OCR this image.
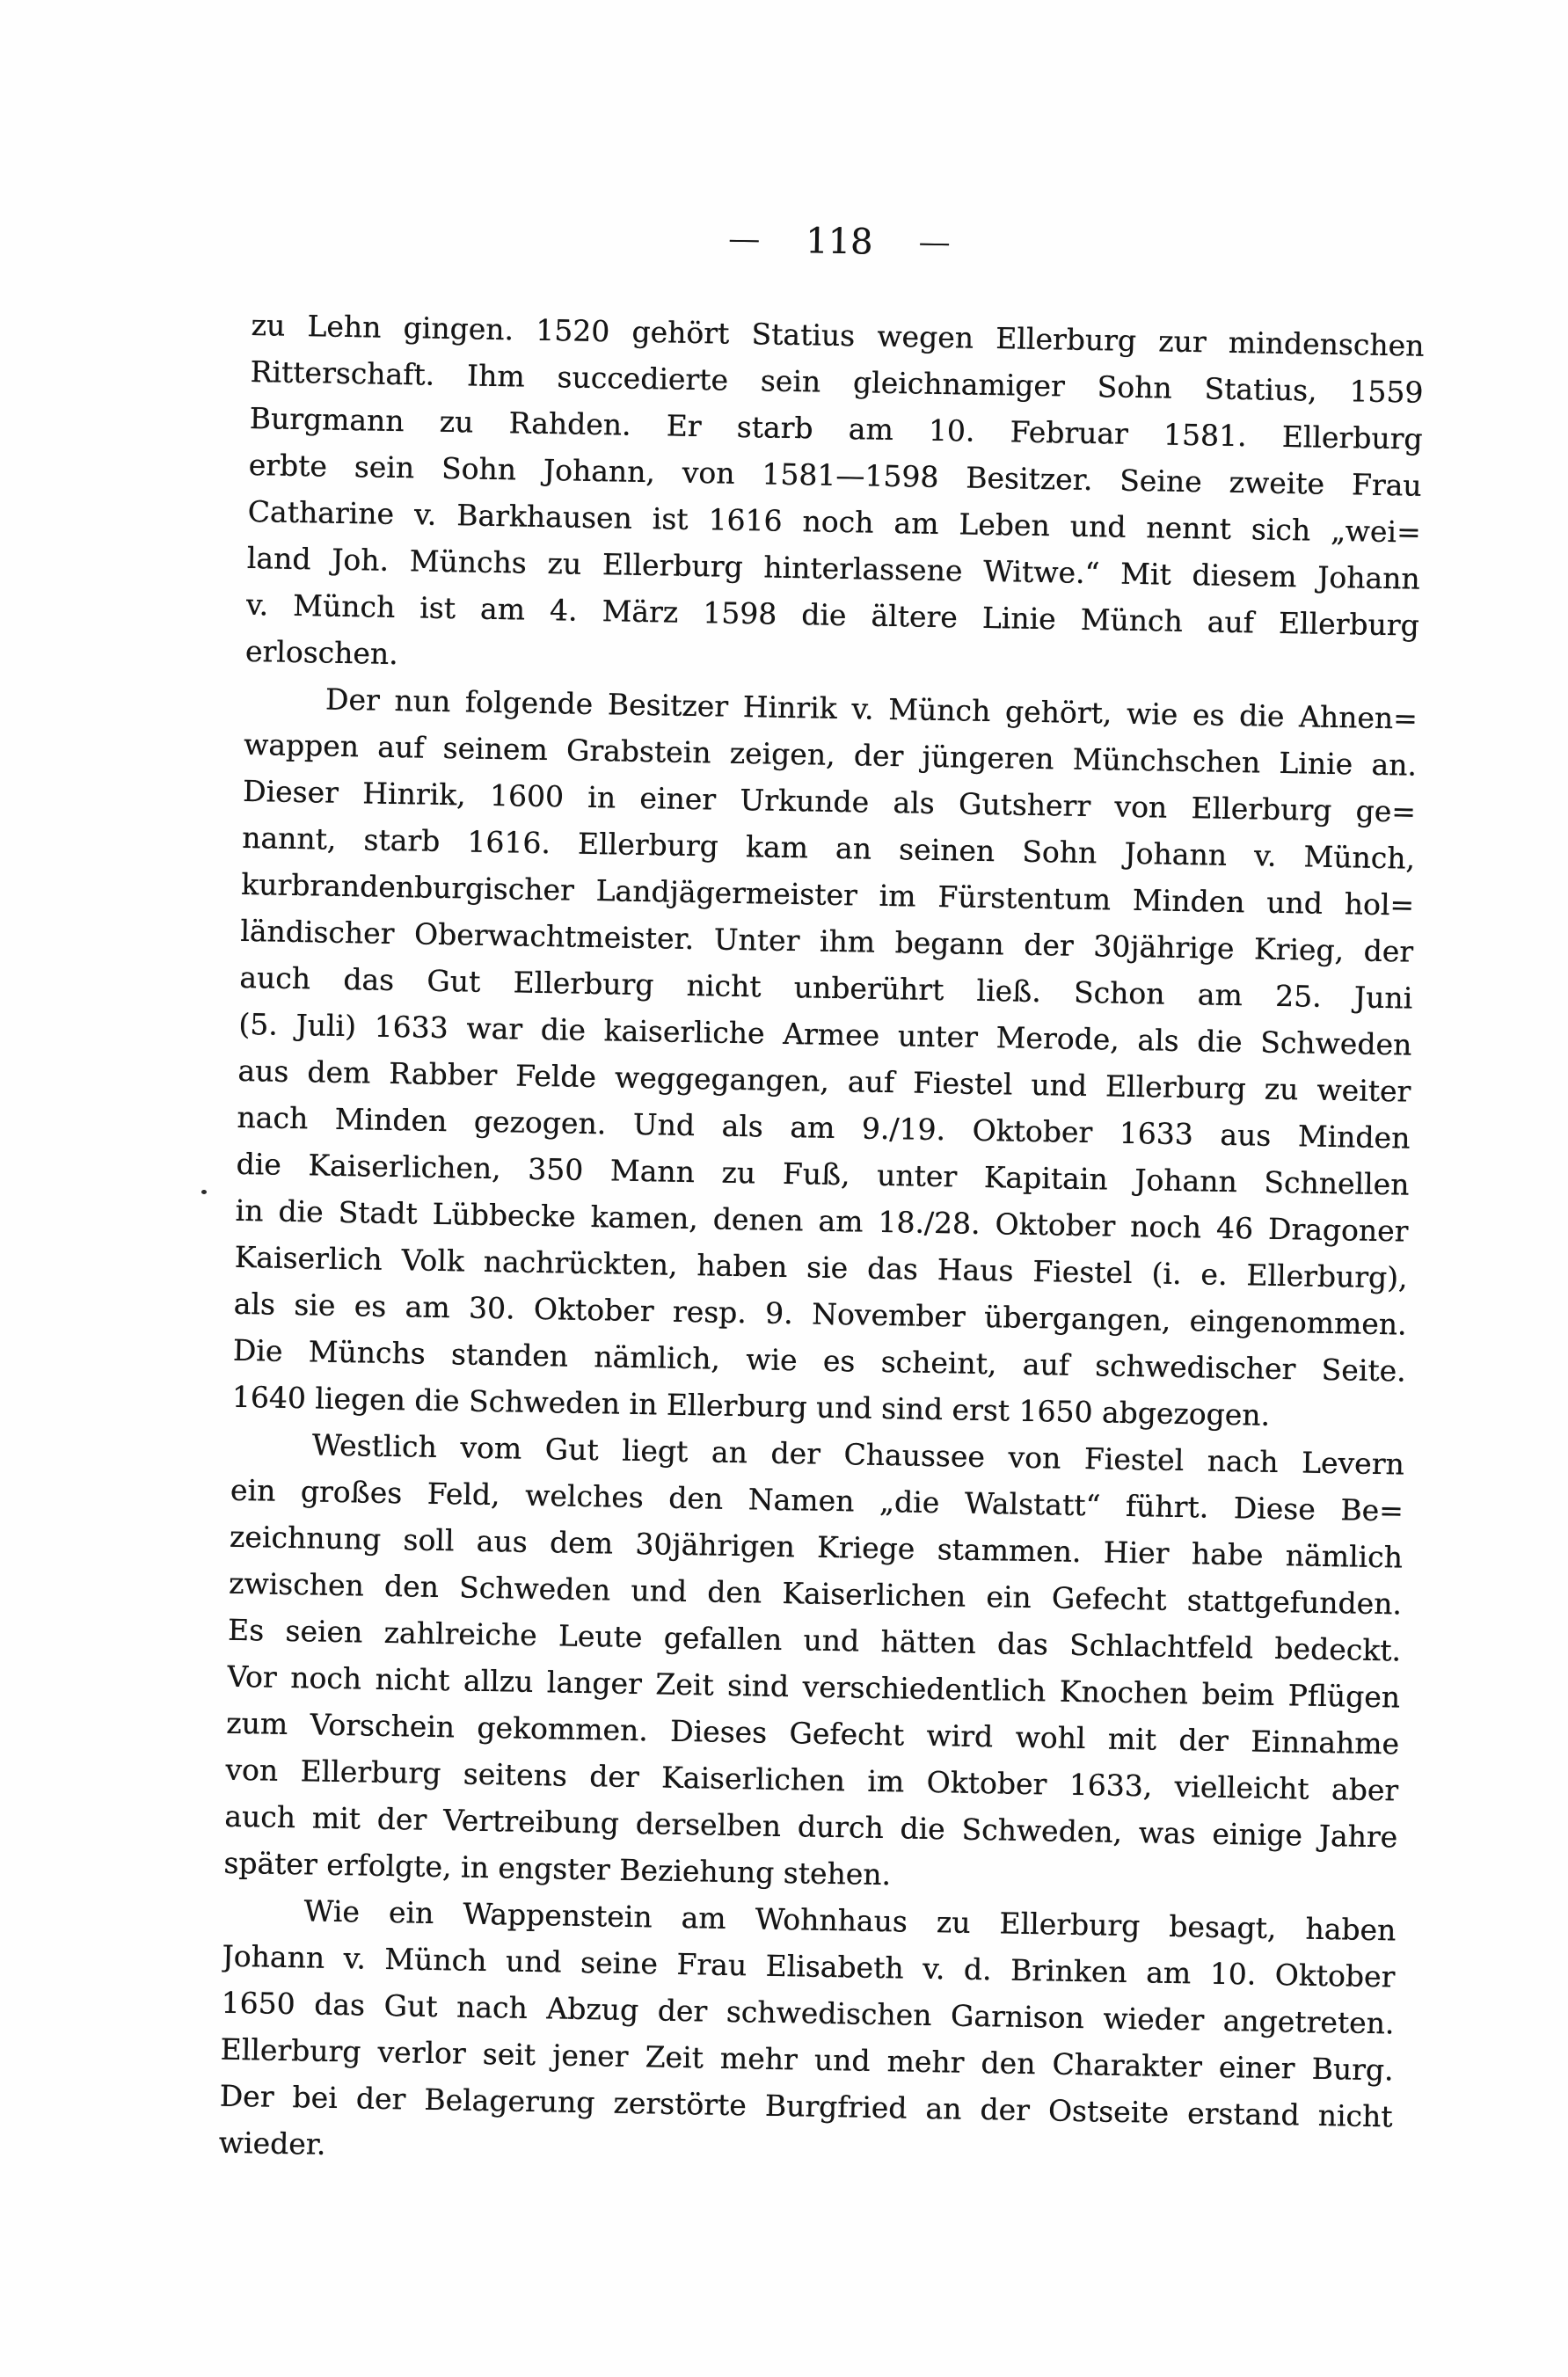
— 118 —
zu Lehn gingen. 1520 gehört Statius wegen Ellerburg zur mindenschen
Ritterschaft. Ihm succedierte sein gleichnamiger Sohn Statius, 1559
Burgmann zu Rahden. Er starb am 10. Februar 1581. Ellerburg
erbte sein Sohn Johann, von 1581—1598 Besitzer. Seine zweite Frau
Catharine v. Barkhausen ist 1616 noch am Leben und nennt sich „wei=
land Joh. Münchs zu Ellerburg hinterlassene Witwe.“ Mit diesem Johann
v. Münch ist am 4. März 1598 die ältere Linie Münch auf Ellerburg
erloschen.
Der nun folgende Besitzer Hinrik v. Münch gehört, wie es die Ahnen=
wappen auf seinem Grabstein zeigen, der jüngeren Münchschen Linie an.
Dieser Hinrik, 1600 in einer Urkunde als Gutsherr von Ellerburg ge=
nannt, starb 1616. Ellerburg kam an seinen Sohn Johann v. Münch,
kurbrandenburgischer Landjägermeister im Fürstentum Minden und hol=
ländischer Oberwachtmeister. Unter ihm begann der 30jährige Krieg, der
auch das Gut Ellerburg nicht unberührt ließ. Schon am 25. Juni
(5. Juli) 1633 war die kaiserliche Armee unter Merode, als die Schweden
aus dem Rabber Felde weggegangen, auf Fiestel und Ellerburg zu weiter
nach Minden gezogen. Und als am 9./19. Oktober 1633 aus Minden
die Kaiserlichen, 350 Mann zu Fuß, unter Kapitain Johann Schnellen
in die Stadt Lübbecke kamen, denen am 18./28. Oktober noch 46 Dragoner
Kaiserlich Volk nachrückten, haben sie das Haus Fiestel (i. e. Ellerburg),
als sie es am 30. Oktober resp. 9. November übergangen, eingenommen.
Die Münchs standen nämlich, wie es scheint, auf schwedischer Seite.
1640 liegen die Schweden in Ellerburg und sind erst 1650 abgezogen.
Westlich vom Gut liegt an der Chaussee von Fiestel nach Levern
ein großes Feld, welches den Namen „die Walstatt“ führt. Diese Be=
zeichnung soll aus dem 30jährigen Kriege stammen. Hier habe nämlich
zwischen den Schweden und den Kaiserlichen ein Gefecht stattgefunden.
Es seien zahlreiche Leute gefallen und hätten das Schlachtfeld bedeckt.
Vor noch nicht allzu langer Zeit sind verschiedentlich Knochen beim Pflügen
zum Vorschein gekommen. Dieses Gefecht wird wohl mit der Einnahme
von Ellerburg seitens der Kaiserlichen im Oktober 1633, vielleicht aber
auch mit der Vertreibung derselben durch die Schweden, was einige Jahre
später erfolgte, in engster Beziehung stehen.
Wie ein Wappenstein am Wohnhaus zu Ellerburg besagt, haben
Johann v. Münch und seine Frau Elisabeth v. d. Brinken am 10. Oktober
1650 das Gut nach Abzug der schwedischen Garnison wieder angetreten.
Ellerburg verlor seit jener Zeit mehr und mehr den Charakter einer Burg.
Der bei der Belagerung zerstörte Burgfried an der Ostseite erstand nicht
wieder.
